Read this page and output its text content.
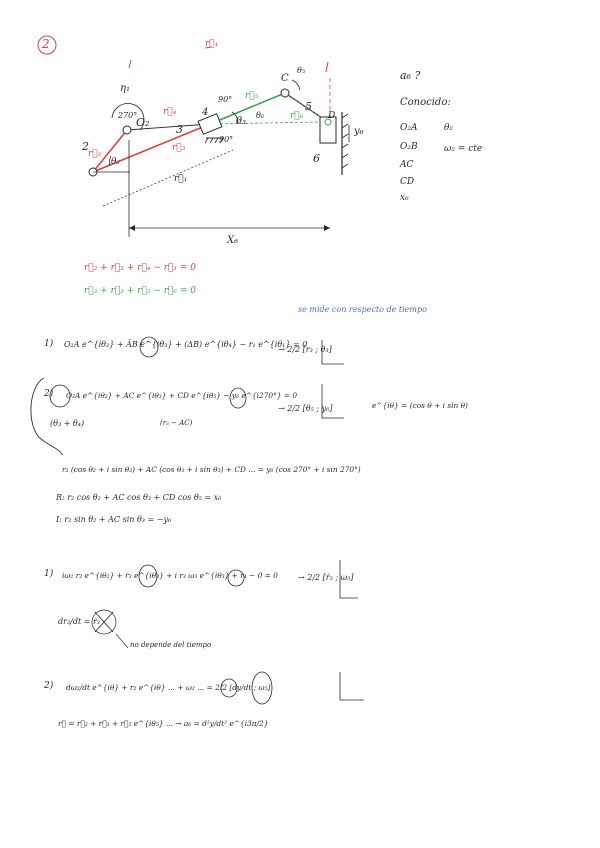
2	r⃗₁
η₁
270°
O₂
r⃗₄
2
r⃗₂
3
r⃗₃
θ₂
r⃗₁
90°
4
90°
θ₃
r⃗₅
C
θ₅
5
θ₆	r⃗₆	D
6
y₆
X₆
a₆ ?
Conocido:
O₂A
O₂B
AC
CD
x₆
θ₂
ω₂ = cte
r⃗₂ + r⃗₃ + r⃗₄ − r⃗₁ = 0
r⃗₂ + r⃗₃ + r⃗₅ − r⃗₆ = 0
se mide con respecto de tiempo
1) O₂A e^{iθ₂} + ĀB e^{iθ₃} + (ΔB) e^{iθ₄} − r₁ e^{iθ₁} = 0
→ 2/2 [r₃ ; θ₃]
2) O₂A e^{iθ₂} + AC e^{iθ₃} + CD e^{iθ₅} − y₆ e^{i270°} = 0
→ 2/2 [θ₅ ; y₆]	e^{iθ} = (cos θ + i sin θ)
(θ₃ + θ₄)	(r₃ − AC)
r₂ (cos θ₂ + i sin θ₂) + AC (cos θ₃ + i sin θ₃) + CD ... = y₆ (cos 270° + i sin 270°)
R: r₂ cos θ₂ + AC cos θ₃ + CD cos θ₅ = x₆
I: r₂ sin θ₂ + AC sin θ₃ = −y₆
1) iω₂ r₂ e^{iθ₂} + ṙ₃ e^{iθ₃} + i r₃ ω₃ e^{iθ₃} + r₄ − 0 = 0	→ 2/2 [ṙ₃ ; ω₃]
dr₃/dt = ṙ₃
no depende del tiempo
2) dω₂/dt e^{iθ} + r₂ e^{iθ} ... + ω₂ ... = 2/2 [dy/dt ; ω₅]
r⃗ = r⃗₂ + r⃗₃ + r⃗₅ e^{iθ₅} ... → a₆ = d²y/dt² e^{i3π/2}
